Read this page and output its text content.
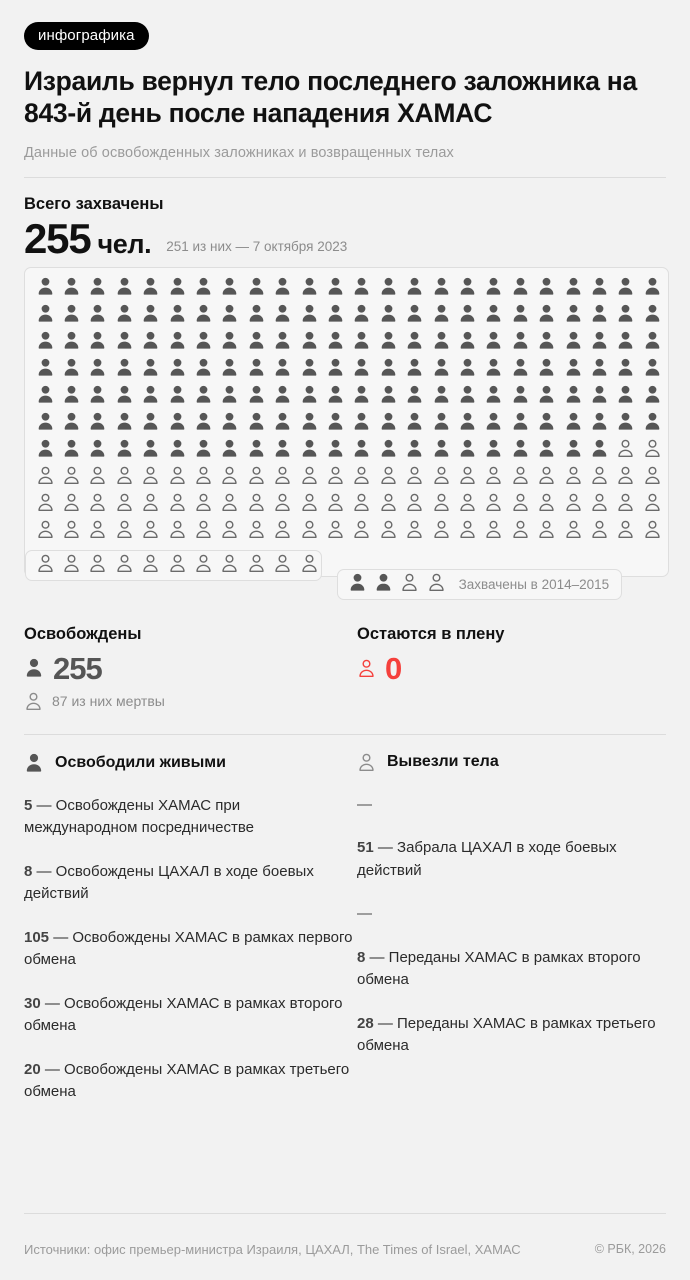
инфографика
Израиль вернул тело последнего заложника на 843-й день после нападения ХАМАС
Данные об освобожденных заложниках и возвращенных телах
Всего захвачены
255 чел. 251 из них — 7 октября 2023
Захвачены в 2014–2015
Освобождены
255
87 из них мертвы
Остаются в плену
0
Освободили живыми
5 — Освобождены ХАМАС при международном посредничестве
8 — Освобождены ЦАХАЛ в ходе боевых действий
105 — Освобождены ХАМАС в рамках первого обмена
30 — Освобождены ХАМАС в рамках второго обмена
20 — Освобождены ХАМАС в рамках третьего обмена
Вывезли тела
—
51 — Забрала ЦАХАЛ в ходе боевых действий
—
8 — Переданы ХАМАС в рамках второго обмена
28 — Переданы ХАМАС в рамках третьего обмена
Источники: офис премьер-министра Израиля, ЦАХАЛ, The Times of Israel, ХАМАС	© РБК, 2026
